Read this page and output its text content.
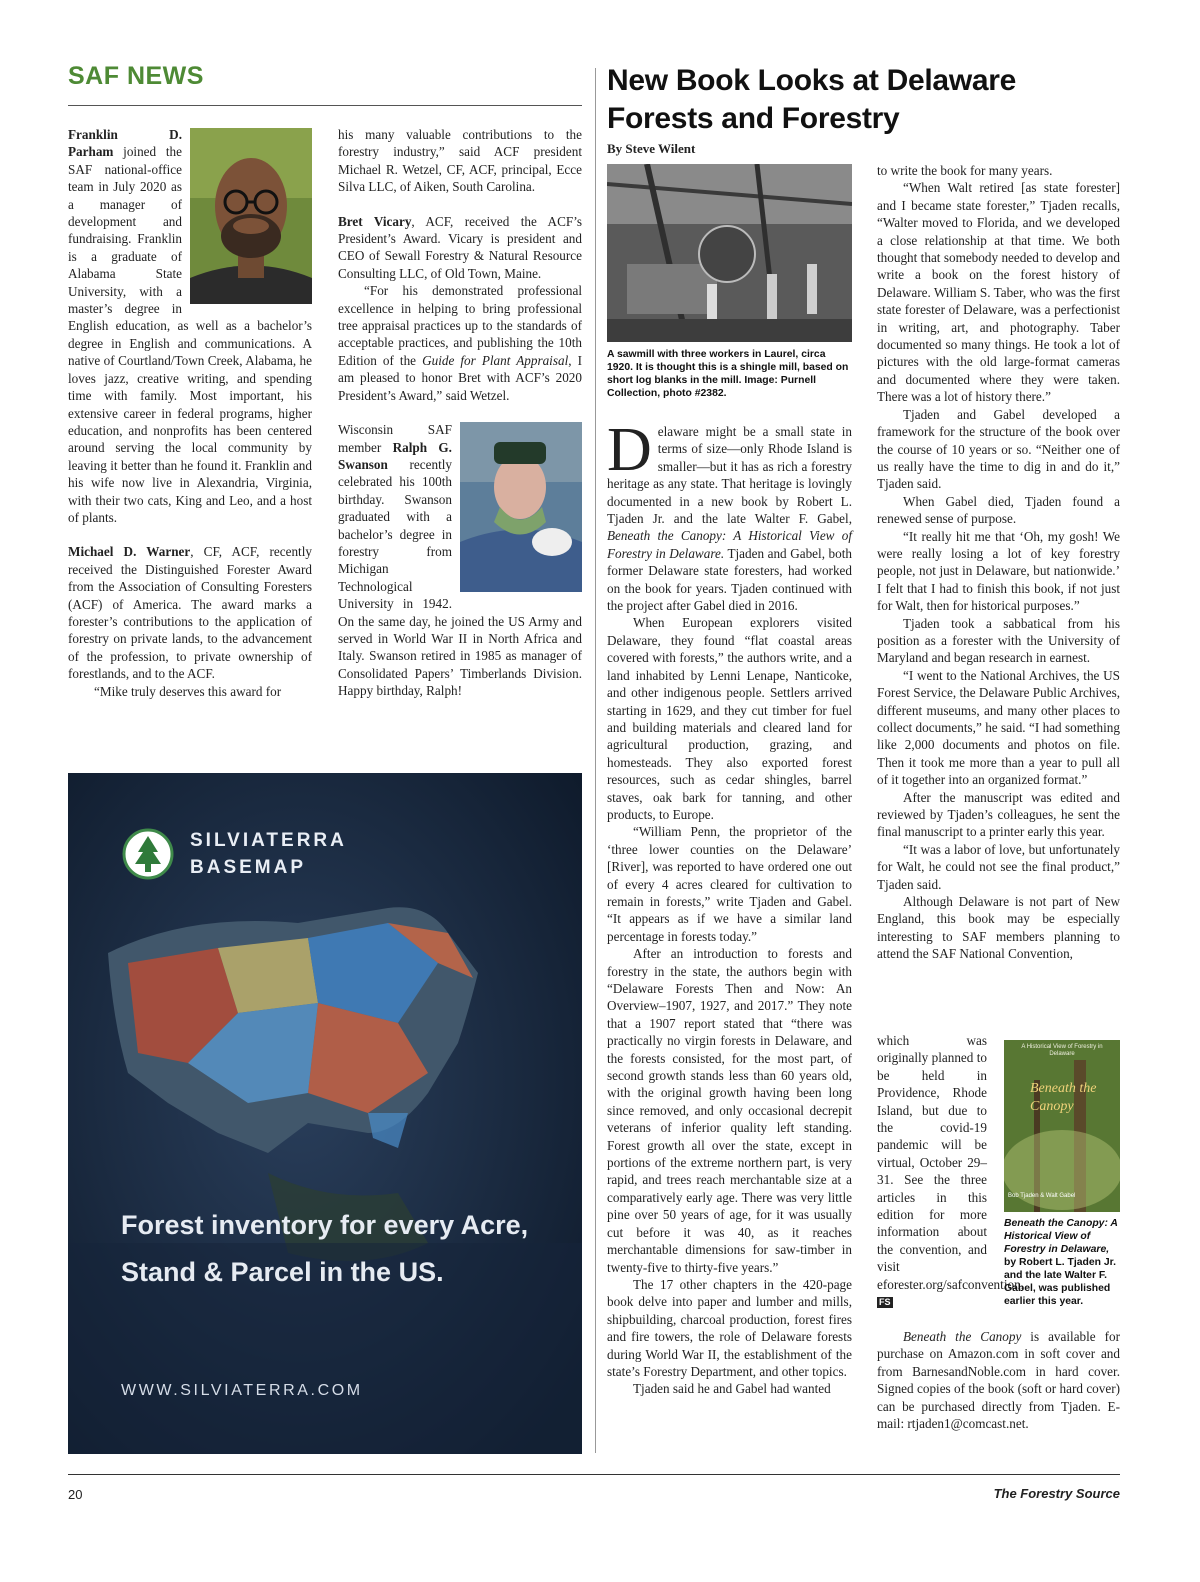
SAF NEWS

Franklin D. Parham joined the SAF national-office team in July 2020 as a manager of development and fundraising. Franklin is a graduate of Alabama State University, with a master’s degree in English education, as well as a bachelor’s degree in English and communications. A native of Courtland/Town Creek, Alabama, he loves jazz, creative writing, and spending time with family. Most important, his extensive career in federal programs, higher education, and nonprofits has been centered around serving the local community by leaving it better than he found it. Franklin and his wife now live in Alexandria, Virginia, with their two cats, King and Leo, and a host of plants.

Michael D. Warner, CF, ACF, recently received the Distinguished Forester Award from the Association of Consulting Foresters (ACF) of America. The award marks a forester’s contributions to the application of forestry on private lands, to the advancement of the profession, to private ownership of forestlands, and to the ACF.

“Mike truly deserves this award for

his many valuable contributions to the forestry industry,” said ACF president Michael R. Wetzel, CF, ACF, principal, Ecce Silva LLC, of Aiken, South Carolina.

Bret Vicary, ACF, received the ACF’s President’s Award. Vicary is president and CEO of Sewall Forestry & Natural Resource Consulting LLC, of Old Town, Maine.

“For his demonstrated professional excellence in helping to bring professional tree appraisal practices up to the standards of acceptable practices, and publishing the 10th Edition of the Guide for Plant Appraisal, I am pleased to honor Bret with ACF’s 2020 President’s Award,” said Wetzel.

Wisconsin SAF member Ralph G. Swanson recently celebrated his 100th birthday. Swanson graduated with a bachelor’s degree in forestry from Michigan Technological University in 1942. On the same day, he joined the US Army and served in World War II in North Africa and Italy. Swanson retired in 1985 as manager of Consolidated Papers’ Timberlands Division. Happy birthday, Ralph!

SILVIATERRA
BASEMAP
Forest inventory for every Acre, Stand & Parcel in the US.
WWW.SILVIATERRA.COM
New Book Looks at Delaware Forests and Forestry
By Steve Wilent
A sawmill with three workers in Laurel, circa 1920. It is thought this is a shingle mill, based on short log blanks in the mill. Image: Purnell Collection, photo #2382.

Delaware might be a small state in terms of size—only Rhode Island is smaller—but it has as rich a forestry heritage as any state. That heritage is lovingly documented in a new book by Robert L. Tjaden Jr. and the late Walter F. Gabel, Beneath the Canopy: A Historical View of Forestry in Delaware. Tjaden and Gabel, both former Delaware state foresters, had worked on the book for years. Tjaden continued with the project after Gabel died in 2016.

When European explorers visited Delaware, they found “flat coastal areas covered with forests,” the authors write, and a land inhabited by Lenni Lenape, Nanticoke, and other indigenous people. Settlers arrived starting in 1629, and they cut timber for fuel and building materials and cleared land for agricultural production, grazing, and homesteads. They also exported forest resources, such as cedar shingles, barrel staves, oak bark for tanning, and other products, to Europe.

“William Penn, the proprietor of the ‘three lower counties on the Delaware’ [River], was reported to have ordered one out of every 4 acres cleared for cultivation to remain in forests,” write Tjaden and Gabel. “It appears as if we have a similar land percentage in forests today.”

After an introduction to forests and forestry in the state, the authors begin with “Delaware Forests Then and Now: An Overview–1907, 1927, and 2017.” They note that a 1907 report stated that “there was practically no virgin forests in Delaware, and the forests consisted, for the most part, of second growth stands less than 60 years old, with the original growth having been long since removed, and only occasional decrepit veterans of inferior quality left standing. Forest growth all over the state, except in portions of the extreme northern part, is very rapid, and trees reach merchantable size at a comparatively early age. There was very little pine over 50 years of age, for it was usually cut before it was 40, as it reaches merchantable dimensions for saw-timber in twenty-five to thirty-five years.”

The 17 other chapters in the 420-page book delve into paper and lumber and mills, shipbuilding, charcoal production, forest fires and fire towers, the role of Delaware forests during World War II, the establishment of the state’s Forestry Department, and other topics.

Tjaden said he and Gabel had wanted

to write the book for many years.

“When Walt retired [as state forester] and I became state forester,” Tjaden recalls, “Walter moved to Florida, and we developed a close relationship at that time. We both thought that somebody needed to develop and write a book on the forest history of Delaware. William S. Taber, who was the first state forester of Delaware, was a perfectionist in writing, art, and photography. Taber documented so many things. He took a lot of pictures with the old large-format cameras and documented where they were taken. There was a lot of history there.”

Tjaden and Gabel developed a framework for the structure of the book over the course of 10 years or so. “Neither one of us really have the time to dig in and do it,” Tjaden said.

When Gabel died, Tjaden found a renewed sense of purpose.

“It really hit me that ‘Oh, my gosh! We were really losing a lot of key forestry people, not just in Delaware, but nationwide.’ I felt that I had to finish this book, if not just for Walt, then for historical purposes.”

Tjaden took a sabbatical from his position as a forester with the University of Maryland and began research in earnest.

“I went to the National Archives, the US Forest Service, the Delaware Public Archives, different museums, and many other places to collect documents,” he said. “I had something like 2,000 documents and photos on file. Then it took me more than a year to pull all of it together into an organized format.”

After the manuscript was edited and reviewed by Tjaden’s colleagues, he sent the final manuscript to a printer early this year.

“It was a labor of love, but unfortunately for Walt, he could not see the final product,” Tjaden said.

Although Delaware is not part of New England, this book may be especially interesting to SAF members planning to attend the SAF National Convention,

which was originally planned to be held in Providence, Rhode Island, but due to the covid-19 pandemic will be virtual, October 29–31. See the three articles in this edition for more information about the convention, and visit eforester.org/safconvention. FS

A Historical View of Forestry in Delaware
Beneath the Canopy
Bob Tjaden & Walt Gabel
Beneath the Canopy: A Historical View of Forestry in Delaware, by Robert L. Tjaden Jr. and the late Walter F. Gabel, was published earlier this year.

Beneath the Canopy is available for purchase on Amazon.com in soft cover and from BarnesandNoble.com in hard cover. Signed copies of the book (soft or hard cover) can be purchased directly from Tjaden. E-mail: rtjaden1@comcast.net.

20	The Forestry Source
